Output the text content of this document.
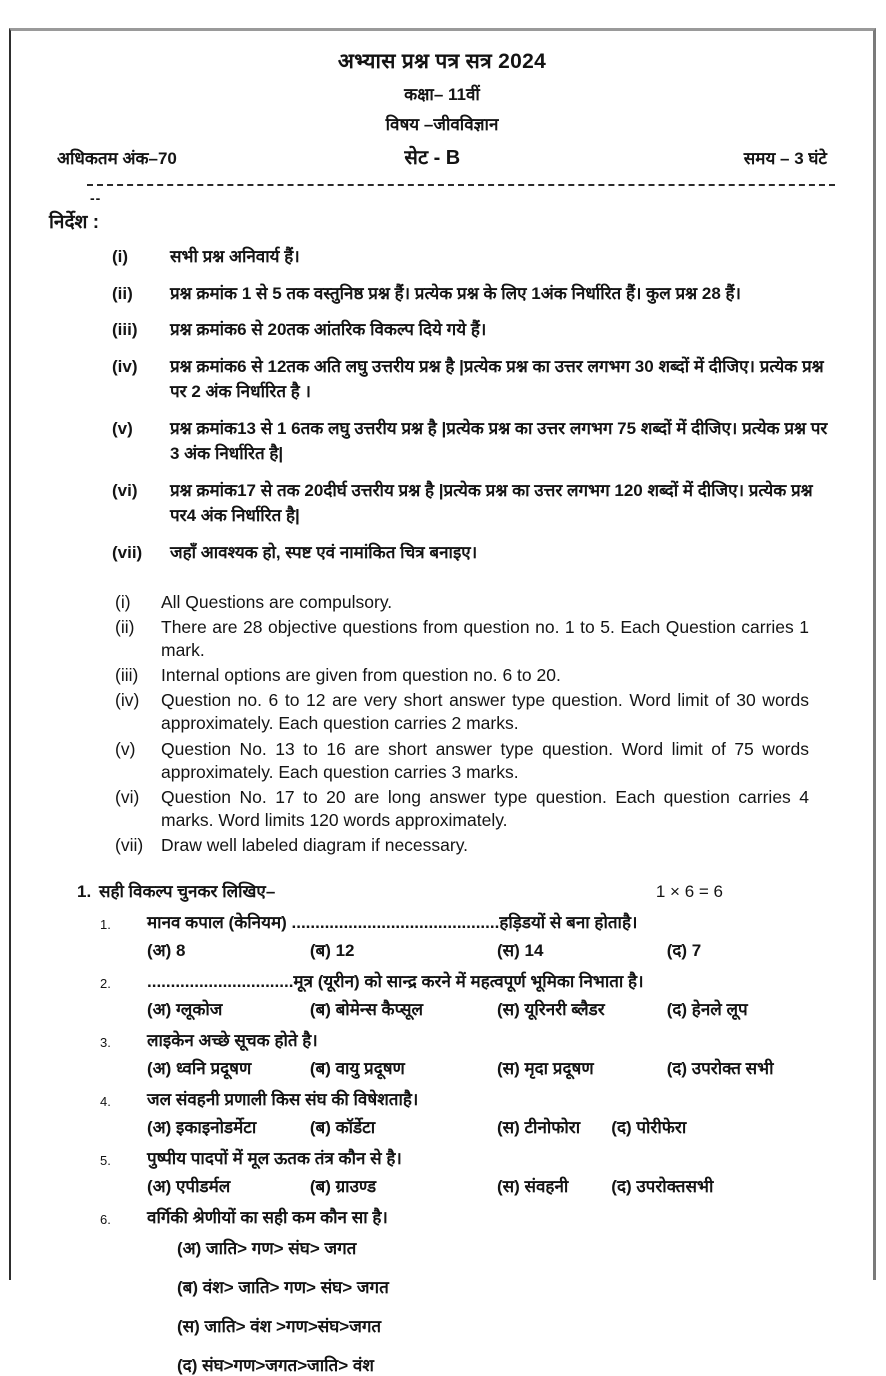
अभ्यास प्रश्न पत्र सत्र 2024
कक्षा– 11वीं
विषय –जीवविज्ञान
अधिकतम अंक–70	सेट - B	समय – 3 घंटे
--
निर्देश :
(i)	सभी प्रश्न अनिवार्य हैं।
(ii)	प्रश्न क्रमांक 1 से 5 तक वस्तुनिष्ठ प्रश्न हैं। प्रत्येक प्रश्न के लिए 1अंक निर्धारित हैं। कुल प्रश्न 28 हैं।
(iii)	प्रश्न क्रमांक6 से 20तक आंतरिक विकल्प दिये गये हैं।
(iv)	प्रश्न क्रमांक6 से 12तक अति लघु उत्तरीय प्रश्न है |प्रत्येक प्रश्न का उत्तर लगभग 30 शब्दों में दीजिए। प्रत्येक प्रश्न पर 2 अंक निर्धारित है ।
(v)	प्रश्न क्रमांक13 से 1 6तक लघु उत्तरीय प्रश्न है |प्रत्येक प्रश्न का उत्तर लगभग 75 शब्दों में दीजिए। प्रत्येक प्रश्न पर 3 अंक निर्धारित है|
(vi)	प्रश्न क्रमांक17 से तक 20दीर्घ उत्तरीय प्रश्न है |प्रत्येक प्रश्न का उत्तर लगभग 120 शब्दों में दीजिए। प्रत्येक प्रश्न पर4 अंक निर्धारित है|
(vii)	जहाँ आवश्यक हो, स्पष्ट एवं नामांकित चित्र बनाइए।
(i)	All Questions are compulsory.
(ii)	There are 28 objective questions from question no. 1 to 5. Each Question carries 1 mark.
(iii)	Internal options are given from question no. 6 to 20.
(iv)	Question no. 6 to 12 are very short answer type question. Word limit of 30 words approximately. Each question carries 2 marks.
(v)	Question No. 13 to 16 are short answer type question. Word limit of 75 words approximately. Each question carries 3 marks.
(vi)	Question No. 17 to 20 are long answer type question. Each question carries 4 marks. Word limits 120 words approximately.
(vii)	Draw well labeled diagram if necessary.
1. सही विकल्प चुनकर लिखिए–	1 × 6 = 6
1.	मानव कपाल (केनियम) ............................................हड़िडयों से बना होताहै।
(अ) 8	(ब) 12	(स) 14	(द) 7
2.	...............................मूत्र (यूरीन) को सान्द्र करने में महत्वपूर्ण भूमिका निभाता है।
(अ) ग्लूकोज	(ब) बोमेन्स कैप्सूल	(स) यूरिनरी ब्लैडर	(द) हेनले लूप
3.	लाइकेन अच्छे सूचक होते है।
(अ) ध्वनि प्रदूषण	(ब) वायु प्रदूषण	(स) मृदा प्रदूषण	(द) उपरोक्त सभी
4.	जल संवहनी प्रणाली किस संघ की विषेशताहै।
(अ) इकाइनोडर्मेटा	(ब) कॉर्डेटा	(स) टीनोफोरा	(द) पोरीफेरा
5.	पुष्पीय पादपों में मूल ऊतक तंत्र कौन से है।
(अ) एपीडर्मल	(ब) ग्राउण्ड	(स) संवहनी	(द) उपरोक्तसभी
6.	वर्गिकी श्रेणीयों का सही कम कौन सा है।
(अ) जाति> गण> संघ> जगत
(ब) वंश> जाति> गण> संघ> जगत
(स) जाति> वंश >गण>संघ>जगत
(द) संघ>गण>जगत>जाति> वंश
